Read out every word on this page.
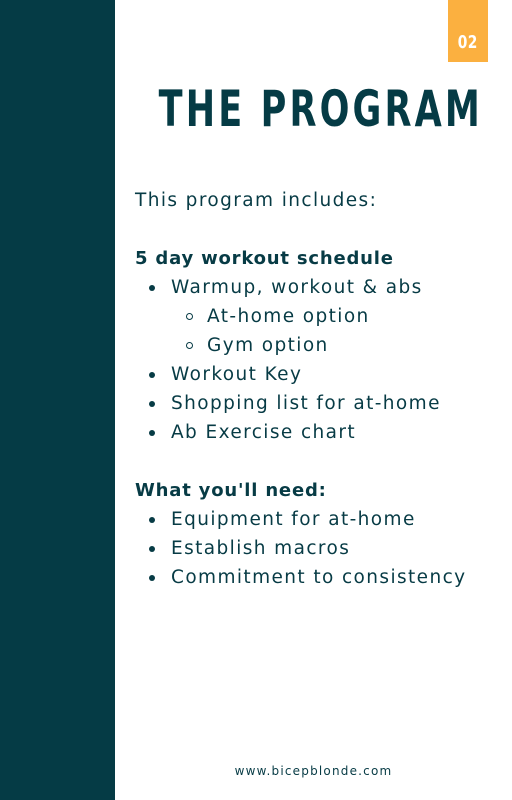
02
THE PROGRAM

This program includes:

5 day workout schedule

Warmup, workout & abs
At-home option
Gym option
Workout Key
Shopping list for at-home
Ab Exercise chart

What you'll need:

Equipment for at-home
Establish macros
Commitment to consistency
www.bicepblonde.com
